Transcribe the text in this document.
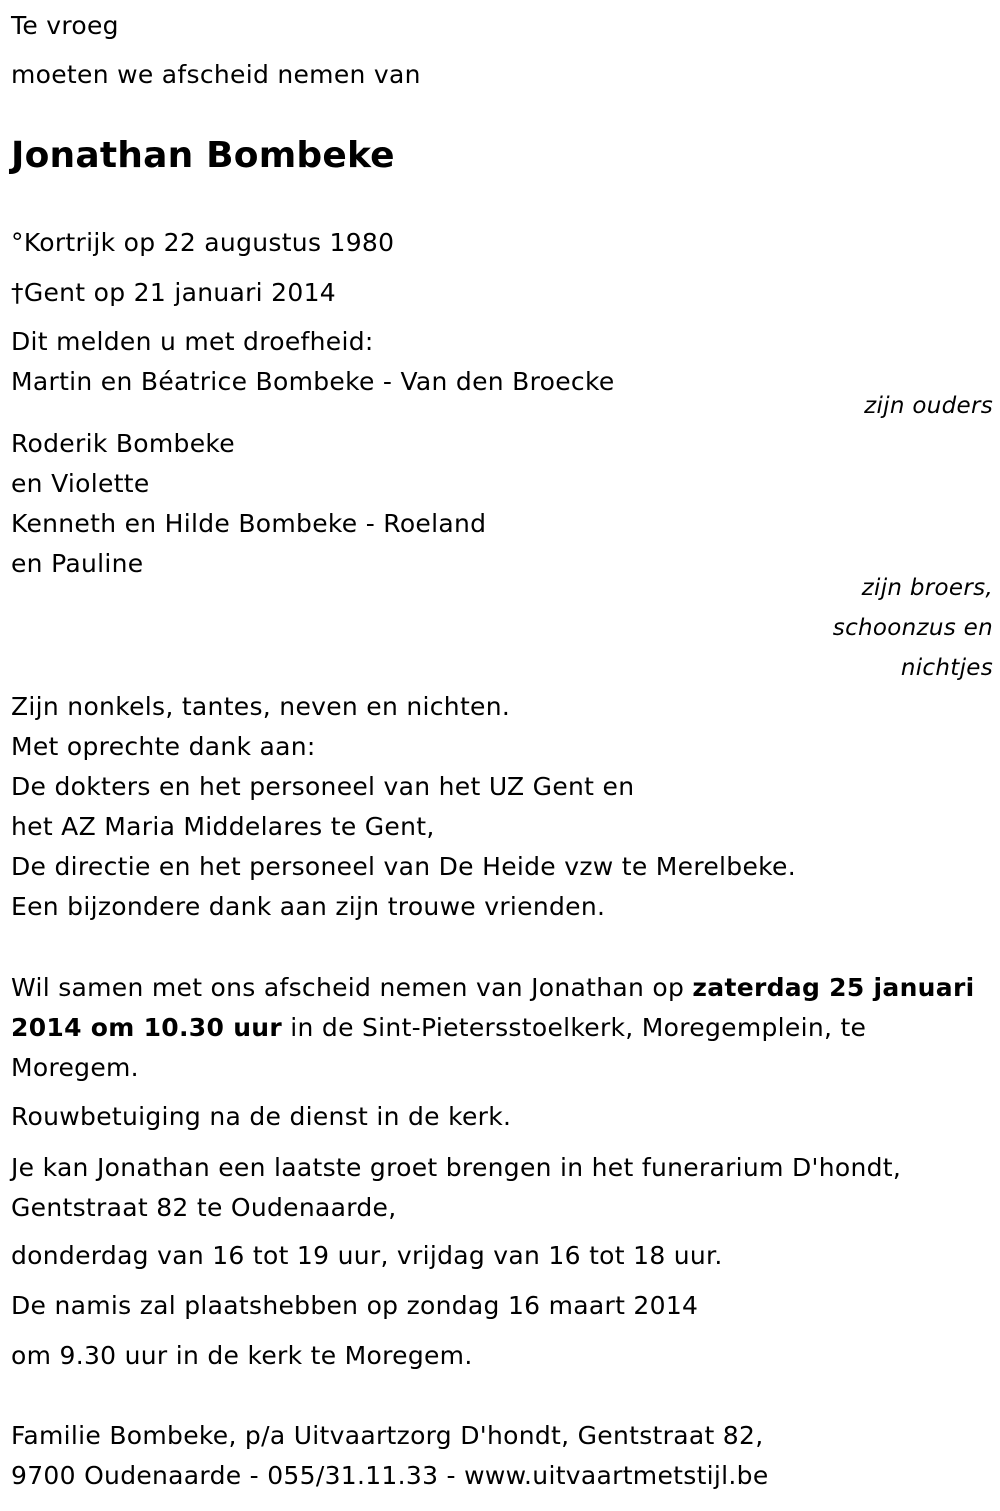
Te vroeg
moeten we afscheid nemen van
Jonathan Bombeke
°Kortrijk op 22 augustus 1980
†Gent op 21 januari 2014
Dit melden u met droefheid:
Martin en Béatrice Bombeke - Van den Broecke
zijn ouders
Roderik Bombeke
en Violette
Kenneth en Hilde Bombeke - Roeland
en Pauline
zijn broers,
schoonzus en
nichtjes
Zijn nonkels, tantes, neven en nichten.
Met oprechte dank aan:
De dokters en het personeel van het UZ Gent en
het AZ Maria Middelares te Gent,
De directie en het personeel van De Heide vzw te Merelbeke.
Een bijzondere dank aan zijn trouwe vrienden.
Wil samen met ons afscheid nemen van Jonathan op zaterdag 25 januari 2014 om 10.30 uur in de Sint-Pietersstoelkerk, Moregemplein, te Moregem.
Rouwbetuiging na de dienst in de kerk.
Je kan Jonathan een laatste groet brengen in het funerarium D'hondt, Gentstraat 82 te Oudenaarde,
donderdag van 16 tot 19 uur, vrijdag van 16 tot 18 uur.
De namis zal plaatshebben op zondag 16 maart 2014
om 9.30 uur in de kerk te Moregem.
Familie Bombeke, p/a Uitvaartzorg D'hondt, Gentstraat 82,
9700 Oudenaarde - 055/31.11.33 - www.uitvaartmetstijl.be
